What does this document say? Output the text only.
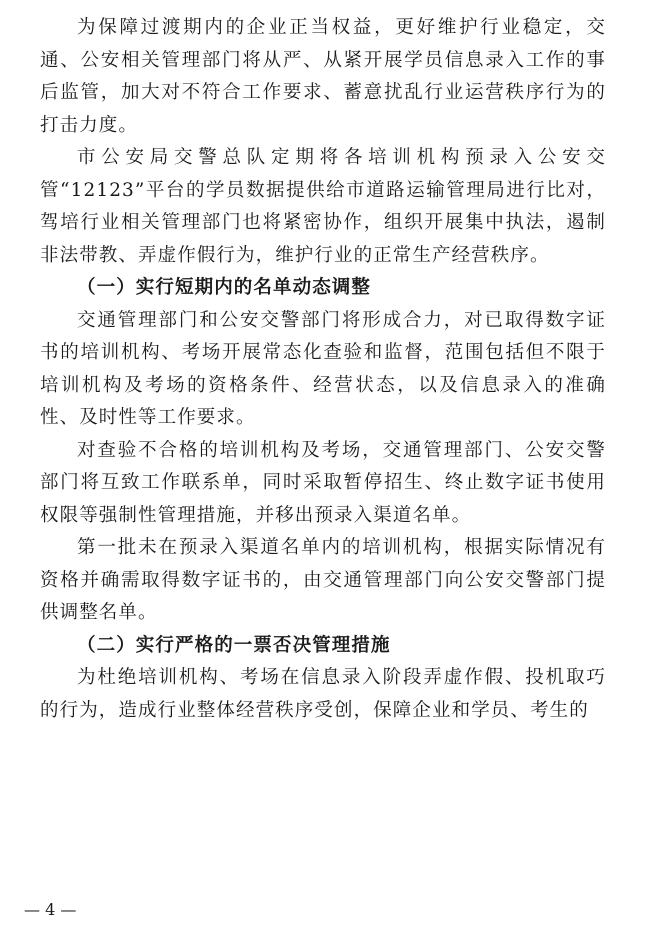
为保障过渡期内的企业正当权益，更好维护行业稳定，交通、公安相关管理部门将从严、从紧开展学员信息录入工作的事后监管，加大对不符合工作要求、蓄意扰乱行业运营秩序行为的打击力度。

市公安局交警总队定期将各培训机构预录入公安交管“12123”平台的学员数据提供给市道路运输管理局进行比对，驾培行业相关管理部门也将紧密协作，组织开展集中执法，遏制非法带教、弄虚作假行为，维护行业的正常生产经营秩序。

（一）实行短期内的名单动态调整

交通管理部门和公安交警部门将形成合力，对已取得数字证书的培训机构、考场开展常态化查验和监督，范围包括但不限于培训机构及考场的资格条件、经营状态，以及信息录入的准确性、及时性等工作要求。

对查验不合格的培训机构及考场，交通管理部门、公安交警部门将互致工作联系单，同时采取暂停招生、终止数字证书使用权限等强制性管理措施，并移出预录入渠道名单。

第一批未在预录入渠道名单内的培训机构，根据实际情况有资格并确需取得数字证书的，由交通管理部门向公安交警部门提供调整名单。

（二）实行严格的一票否决管理措施

为杜绝培训机构、考场在信息录入阶段弄虚作假、投机取巧的行为，造成行业整体经营秩序受创，保障企业和学员、考生的

— 4 —
